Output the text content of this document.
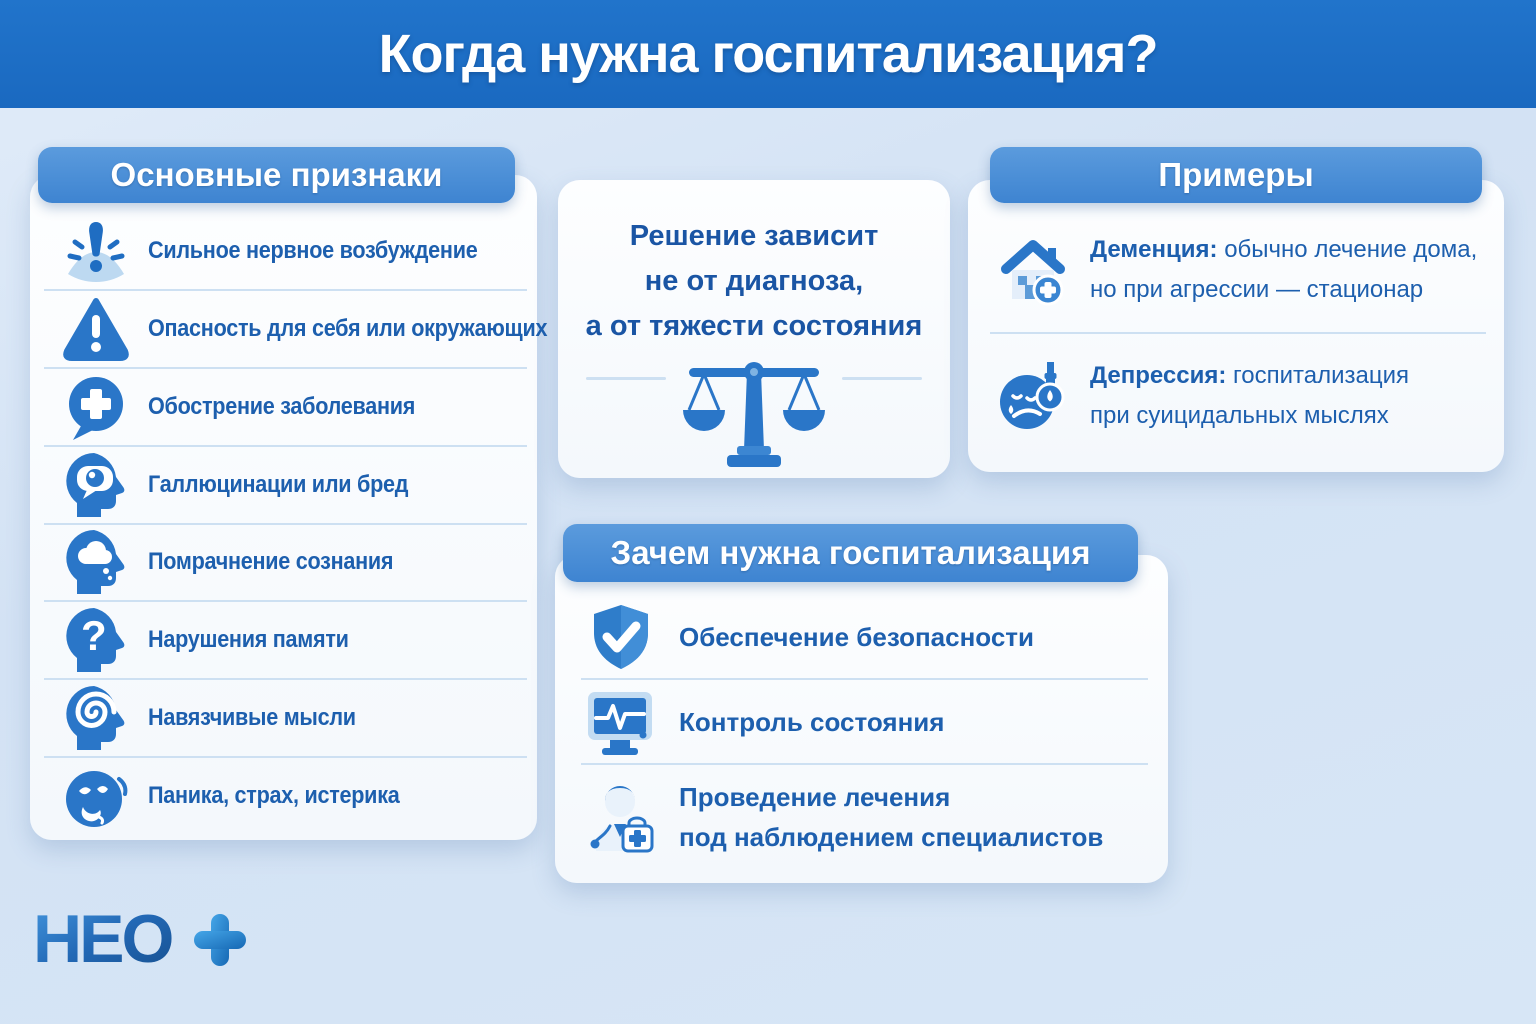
Когда нужна госпитализация?
Основные признаки
Сильное нервное возбуждение
Опасность для себя или окружающих
Обострение заболевания
Галлюцинации или бред
Помрачнение сознания
? Нарушения памяти
Навязчивые мысли
Паника, страх, истерика
Решение зависит
не от диагноза,
а от тяжести состояния
Примеры
Деменция: обычно лечение дома,
но при агрессии — стационар
Депрессия: госпитализация
при суицидальных мыслях
Зачем нужна госпитализация
Обеспечение безопасности
Контроль состояния
Проведение лечения
под наблюдением специалистов
НЕО
